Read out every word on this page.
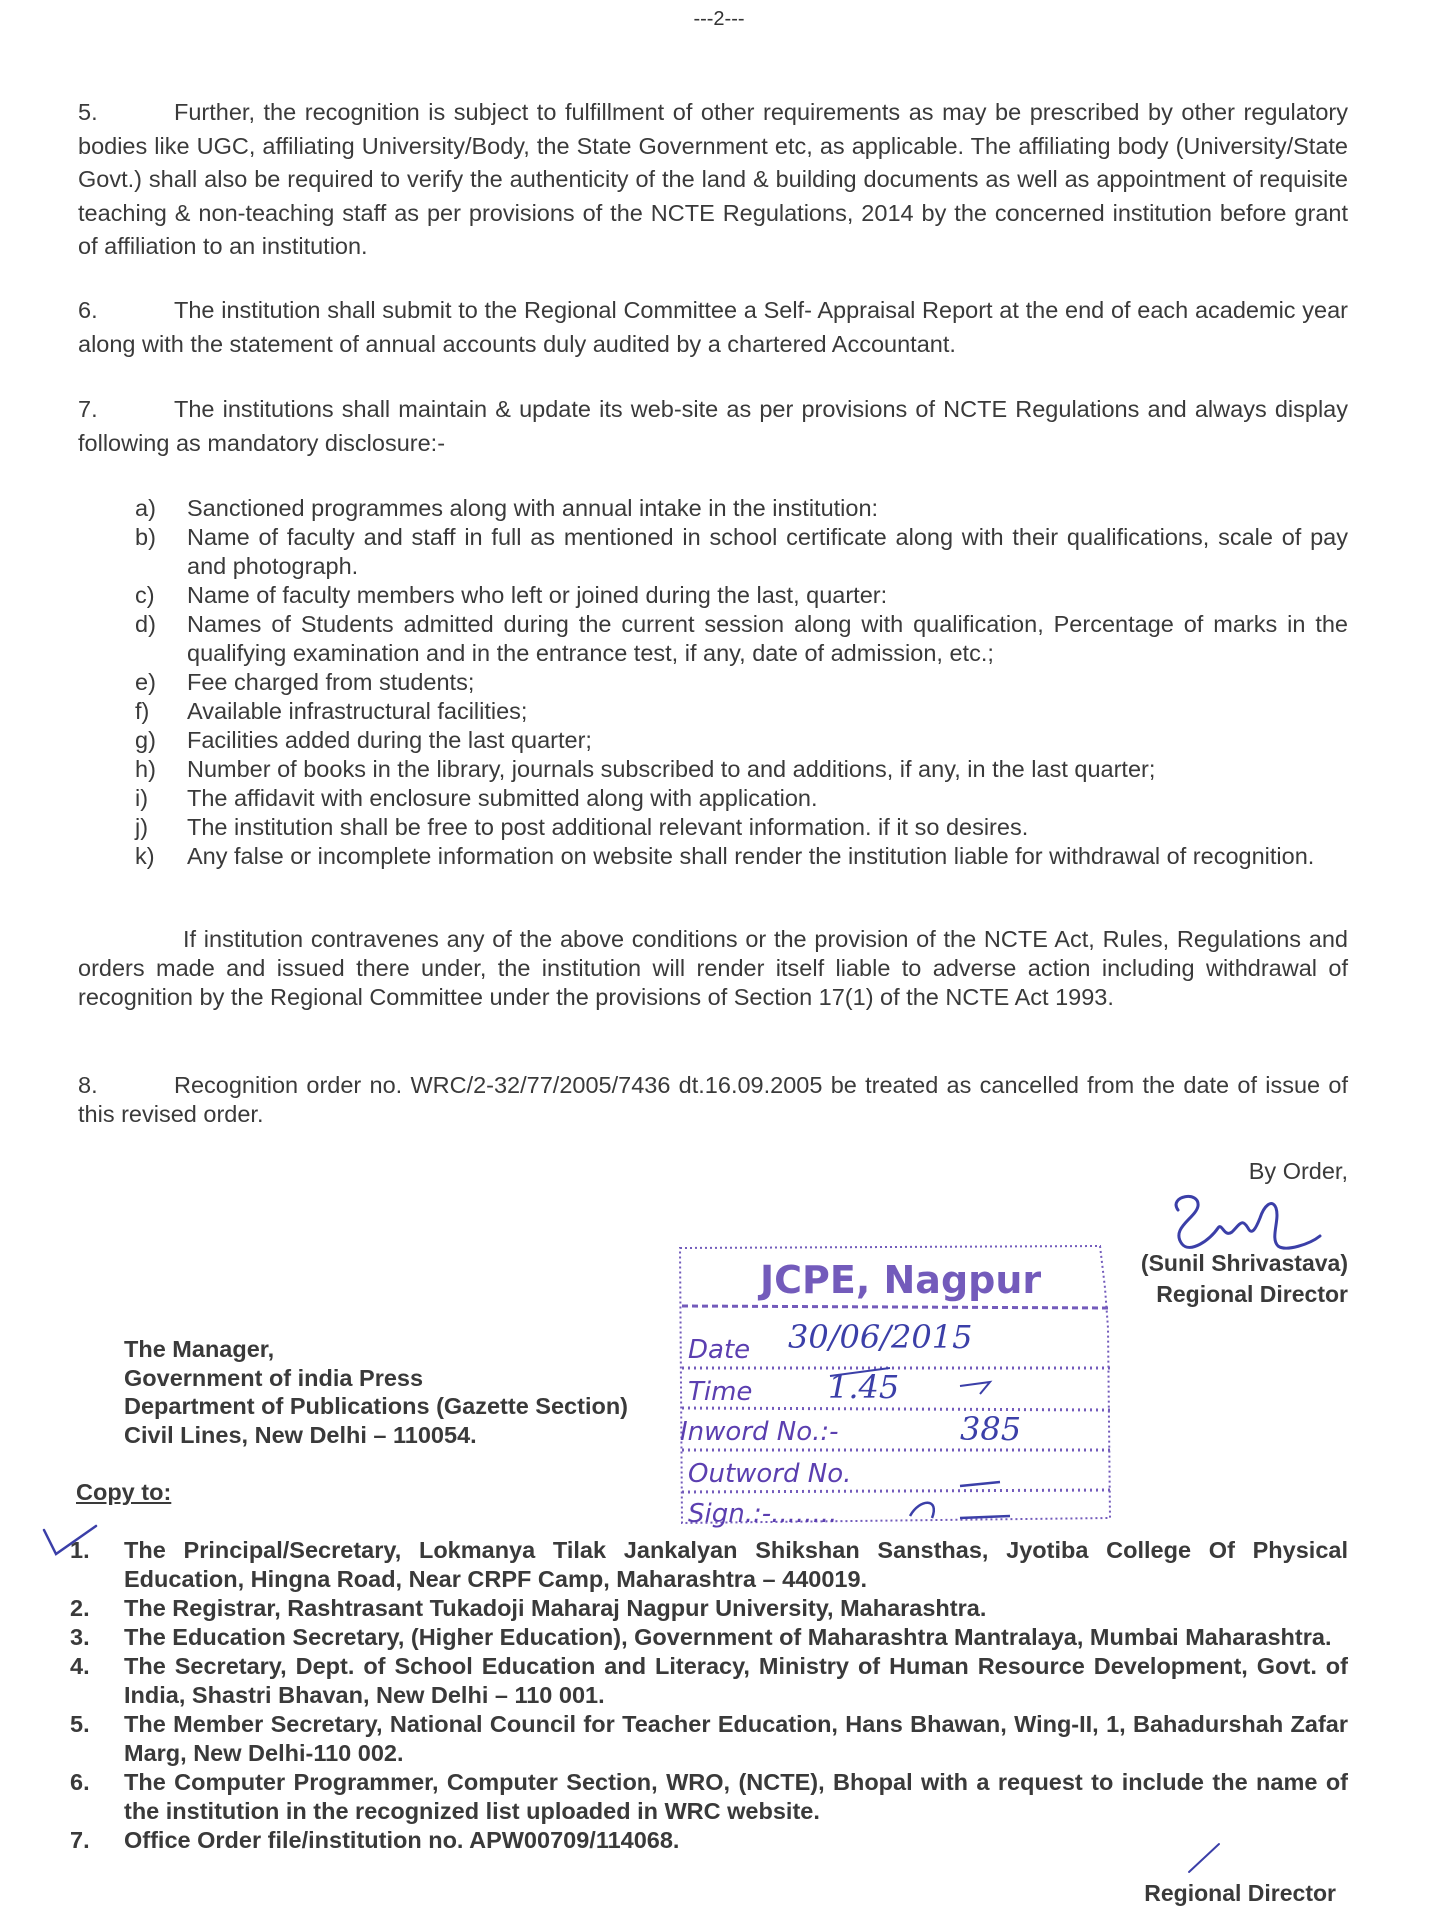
---2---
5.	Further, the recognition is subject to fulfillment of other requirements as may be prescribed by other regulatory bodies like UGC, affiliating University/Body, the State Government etc, as applicable. The affiliating body (University/State Govt.) shall also be required to verify the authenticity of the land & building documents as well as appointment of requisite teaching & non-teaching staff as per provisions of the NCTE Regulations, 2014 by the concerned institution before grant of affiliation to an institution.
6.	The institution shall submit to the Regional Committee a Self- Appraisal Report at the end of each academic year along with the statement of annual accounts duly audited by a chartered Accountant.
7.	The institutions shall maintain & update its web-site as per provisions of NCTE Regulations and always display following as mandatory disclosure:-
a)	Sanctioned programmes along with annual intake in the institution:
b)	Name of faculty and staff in full as mentioned in school certificate along with their qualifications, scale of pay and photograph.
c)	Name of faculty members who left or joined during the last, quarter:
d)	Names of Students admitted during the current session along with qualification, Percentage of marks in the qualifying examination and in the entrance test, if any, date of admission, etc.;
e)	Fee charged from students;
f)	Available infrastructural facilities;
g)	Facilities added during the last quarter;
h)	Number of books in the library, journals subscribed to and additions, if any, in the last quarter;
i)	The affidavit with enclosure submitted along with application.
j)	The institution shall be free to post additional relevant information. if it so desires.
k)	Any false or incomplete information on website shall render the institution liable for withdrawal of recognition.
If institution contravenes any of the above conditions or the provision of the NCTE Act, Rules, Regulations and orders made and issued there under, the institution will render itself liable to adverse action including withdrawal of recognition by the Regional Committee under the provisions of Section 17(1) of the NCTE Act 1993.
8.	Recognition order no. WRC/2-32/77/2005/7436 dt.16.09.2005 be treated as cancelled from the date of issue of this revised order.
By Order,
(Sunil Shrivastava)
Regional Director
The Manager,
Government of india Press
Department of Publications (Gazette Section)
Civil Lines, New Delhi – 110054.
JCPE, Nagpur
Date 30/06/2015
Time 1.45
Inword No.:-	385
Outword No.
Sign.:-........
Copy to:
1.	The Principal/Secretary, Lokmanya Tilak Jankalyan Shikshan Sansthas, Jyotiba College Of Physical Education, Hingna Road, Near CRPF Camp, Maharashtra – 440019.
2.	The Registrar, Rashtrasant Tukadoji Maharaj Nagpur University, Maharashtra.
3.	The Education Secretary, (Higher Education), Government of Maharashtra Mantralaya, Mumbai Maharashtra.
4.	The Secretary, Dept. of School Education and Literacy, Ministry of Human Resource Development, Govt. of India, Shastri Bhavan, New Delhi – 110 001.
5.	The Member Secretary, National Council for Teacher Education, Hans Bhawan, Wing-II, 1, Bahadurshah Zafar Marg, New Delhi-110 002.
6.	The Computer Programmer, Computer Section, WRO, (NCTE), Bhopal with a request to include the name of the institution in the recognized list uploaded in WRC website.
7.	Office Order file/institution no. APW00709/114068.
Regional Director
